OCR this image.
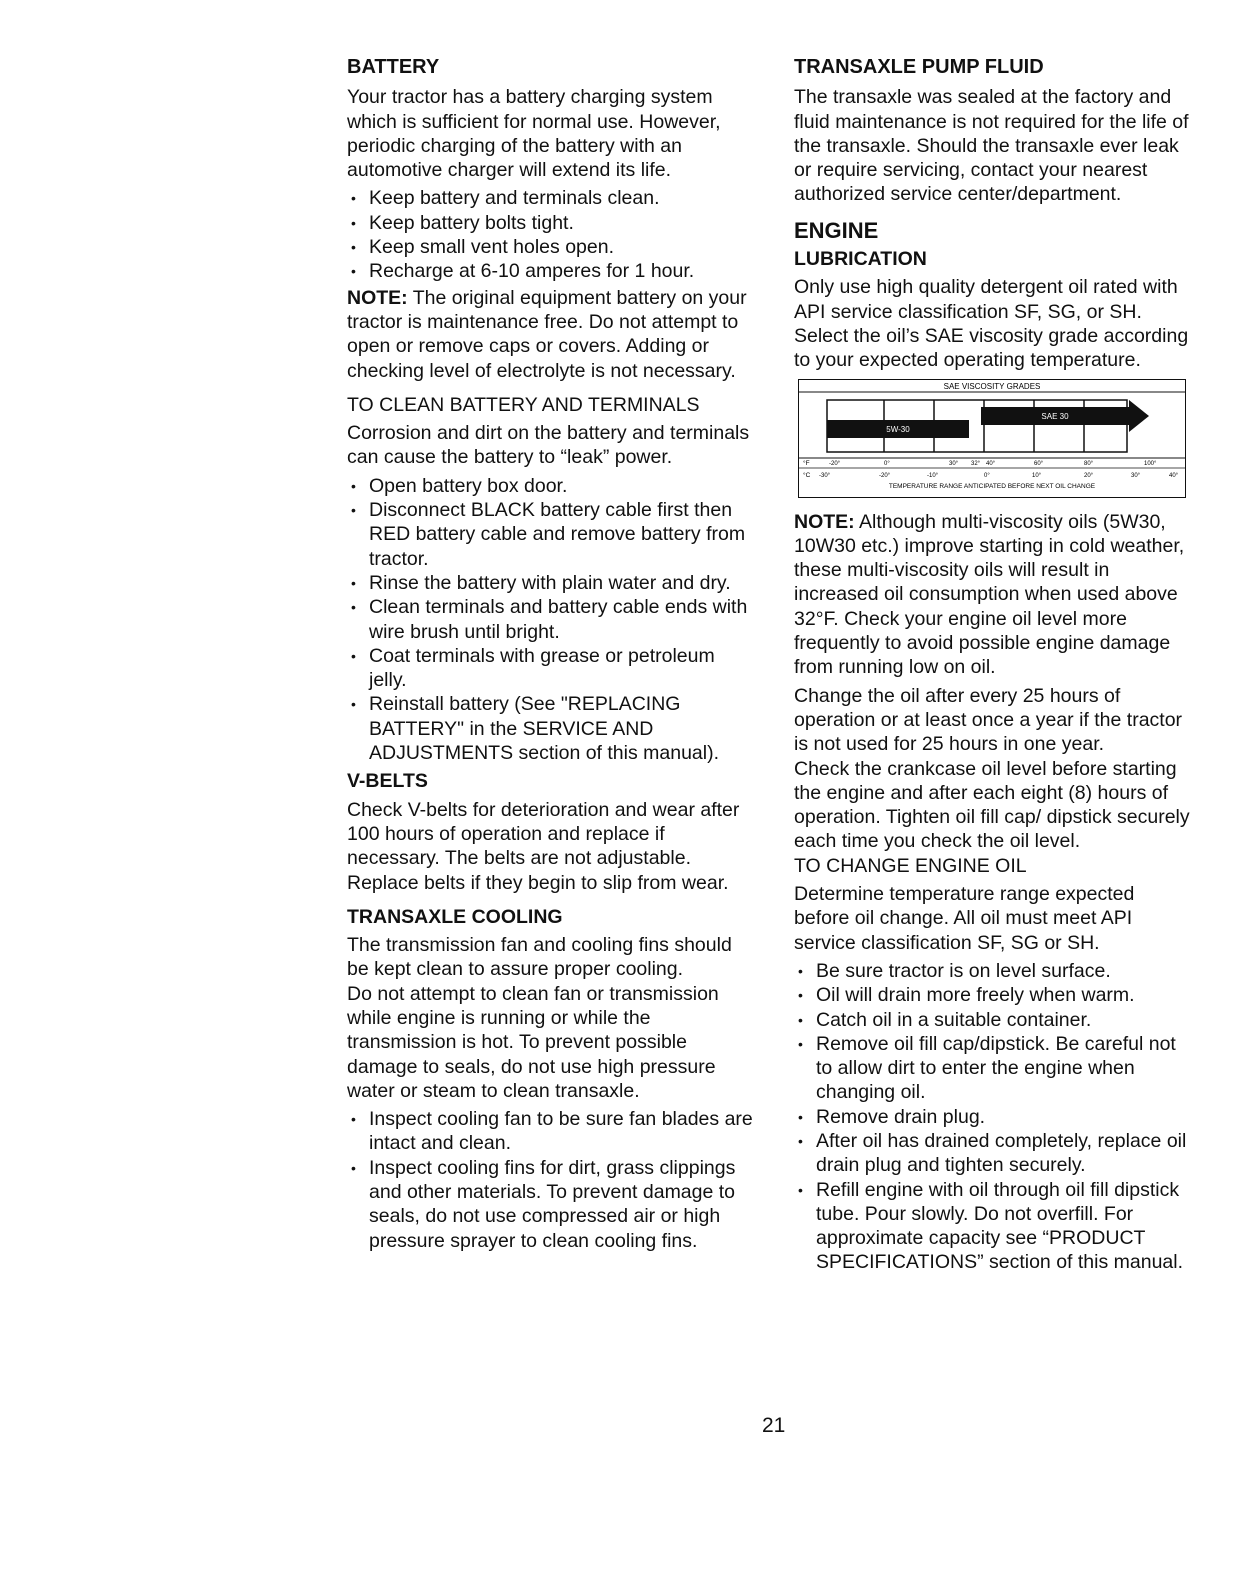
BATTERY

Your tractor has a battery charging system which is sufficient for normal use. However, periodic charging of the battery with an automotive charger will extend its life.

• Keep battery and terminals clean.
• Keep battery bolts tight.
• Keep small vent holes open.
• Recharge at 6-10 amperes for 1 hour.

NOTE: The original equipment battery on your tractor is maintenance free. Do not attempt to open or remove caps or covers. Adding or checking level of electrolyte is not necessary.

TO CLEAN BATTERY AND TERMINALS

Corrosion and dirt on the battery and terminals can cause the battery to “leak” power.

• Open battery box door.
• Disconnect BLACK battery cable first then RED battery cable and remove battery from tractor.
• Rinse the battery with plain water and dry.
• Clean terminals and battery cable ends with wire brush until bright.
• Coat terminals with grease or petroleum jelly.
• Reinstall battery (See "REPLACING BATTERY" in the SERVICE AND ADJUSTMENTS section of this manual).
V-BELTS

Check V-belts for deterioration and wear after 100 hours of operation and replace if necessary. The belts are not adjustable. Replace belts if they begin to slip from wear.

TRANSAXLE COOLING

The transmission fan and cooling fins should be kept clean to assure proper cooling.

Do not attempt to clean fan or transmission while engine is running or while the transmission is hot. To prevent possible damage to seals, do not use high pressure water or steam to clean transaxle.

• Inspect cooling fan to be sure fan blades are intact and clean.
• Inspect cooling fins for dirt, grass clippings and other materials. To prevent damage to seals, do not use compressed air or high pressure sprayer to clean cooling fins.
TRANSAXLE PUMP FLUID

The transaxle was sealed at the factory and fluid maintenance is not required for the life of the transaxle. Should the transaxle ever leak or require servicing, contact your nearest authorized service center/department.

ENGINE
LUBRICATION

Only use high quality detergent oil rated with API service classification SF, SG, or SH. Select the oil’s SAE viscosity grade according to your expected operating temperature.

SAE VISCOSITY GRADES
5W-30
SAE 30
°F	-20°	0°	30° 32° 40°	60°	80°	100°
°C -30°	-20°	-10°	0°	10°	20°	30°	40°
TEMPERATURE RANGE ANTICIPATED BEFORE NEXT OIL CHANGE

NOTE: Although multi-viscosity oils (5W30, 10W30 etc.) improve starting in cold weather, these multi-viscosity oils will result in increased oil consumption when used above 32°F. Check your engine oil level more frequently to avoid possible engine damage from running low on oil.

Change the oil after every 25 hours of operation or at least once a year if the tractor is not used for 25 hours in one year.

Check the crankcase oil level before starting the engine and after each eight (8) hours of operation. Tighten oil fill cap/ dipstick securely each time you check the oil level.

TO CHANGE ENGINE OIL

Determine temperature range expected before oil change. All oil must meet API service classification SF, SG or SH.

• Be sure tractor is on level surface.
• Oil will drain more freely when warm.
• Catch oil in a suitable container.
• Remove oil fill cap/dipstick. Be careful not to allow dirt to enter the engine when changing oil.
• Remove drain plug.
• After oil has drained completely, replace oil drain plug and tighten securely.
• Refill engine with oil through oil fill dipstick tube. Pour slowly. Do not overfill. For approximate capacity see “PRODUCT SPECIFICATIONS” section of this manual.
21
